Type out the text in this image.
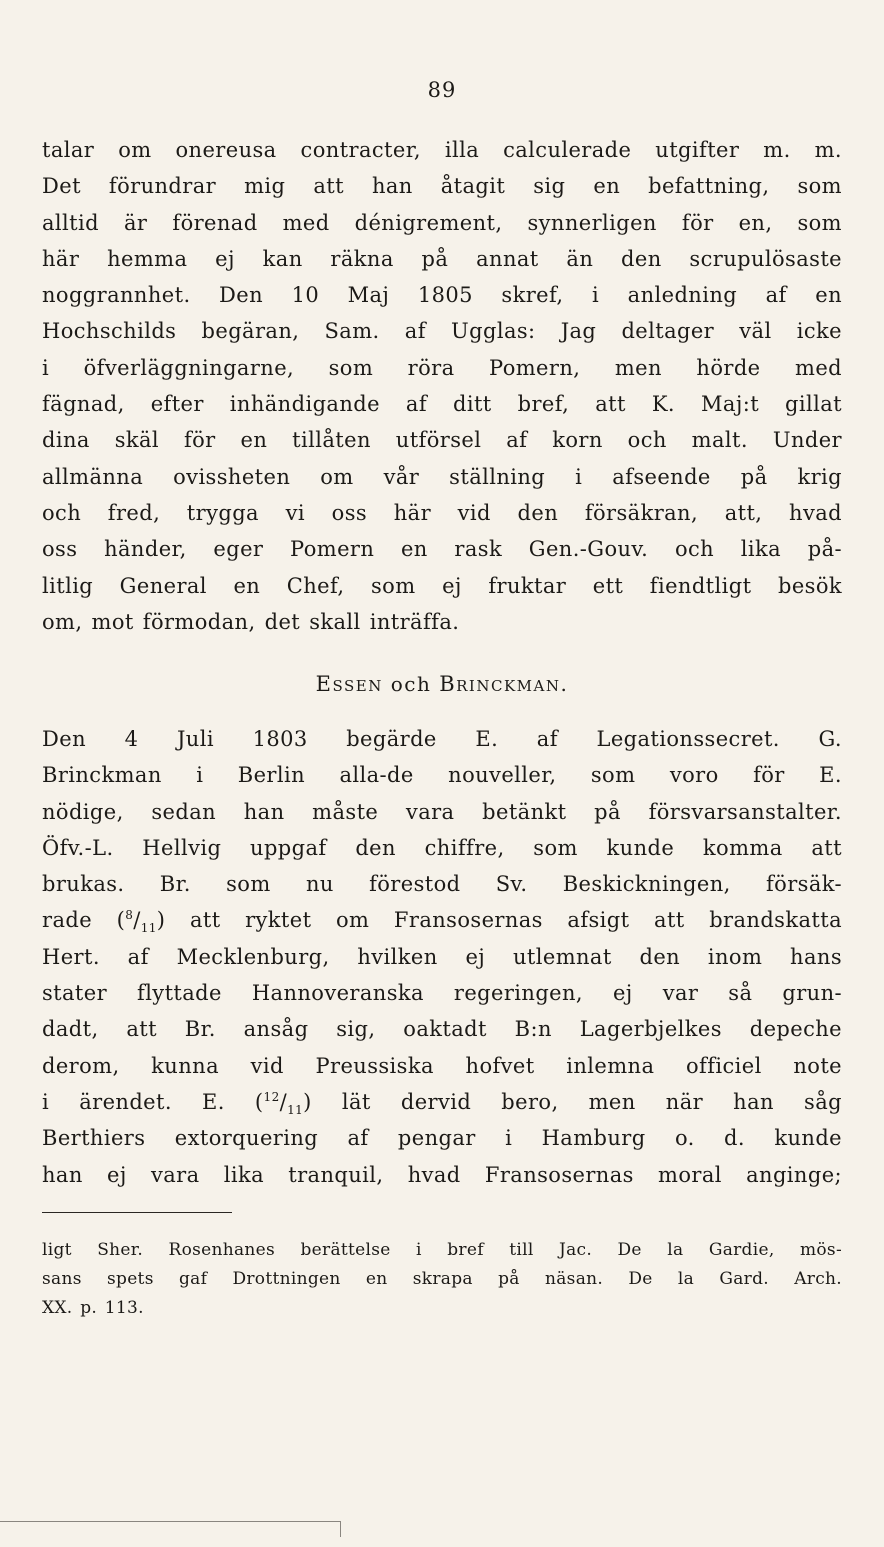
89
talar om onereusa contracter, illa calculerade utgifter m. m.
Det förundrar mig att han åtagit sig en befattning, som
alltid är förenad med dénigrement, synnerligen för en, som
här hemma ej kan räkna på annat än den scrupulösaste
noggrannhet. Den 10 Maj 1805 skref, i anledning af en
Hochschilds begäran, Sam. af Ugglas: Jag deltager väl icke
i öfverläggningarne, som röra Pomern, men hörde med
fägnad, efter inhändigande af ditt bref, att K. Maj:t gillat
dina skäl för en tillåten utförsel af korn och malt. Under
allmänna ovissheten om vår ställning i afseende på krig
och fred, trygga vi oss här vid den försäkran, att, hvad
oss händer, eger Pomern en rask Gen.-Gouv. och lika på-
litlig General en Chef, som ej fruktar ett fiendtligt besök
om, mot förmodan, det skall inträffa.
ESSEN och BRINCKMAN.
Den 4 Juli 1803 begärde E. af Legationssecret. G.
Brinckman i Berlin alla-de nouveller, som voro för E.
nödige, sedan han måste vara betänkt på försvarsanstalter.
Öfv.-L. Hellvig uppgaf den chiffre, som kunde komma att
brukas. Br. som nu förestod Sv. Beskickningen, försäk-
rade $(^8/_{11})$ att ryktet om Fransosernas afsigt att brandskatta
Hert. af Mecklenburg, hvilken ej utlemnat den inom hans
stater flyttade Hannoveranska regeringen, ej var så grun-
dadt, att Br. ansåg sig, oaktadt B:n Lagerbjelkes depeche
derom, kunna vid Preussiska hofvet inlemna officiel note
i ärendet. E. $(^{12}/_{11})$ lät dervid bero, men när han såg
Berthiers extorquering af pengar i Hamburg o. d. kunde
han ej vara lika tranquil, hvad Fransosernas moral anginge;
ligt Sher. Rosenhanes berättelse i bref till Jac. De la Gardie, mös-
sans spets gaf Drottningen en skrapa på näsan. De la Gard. Arch.
XX. p. 113.
